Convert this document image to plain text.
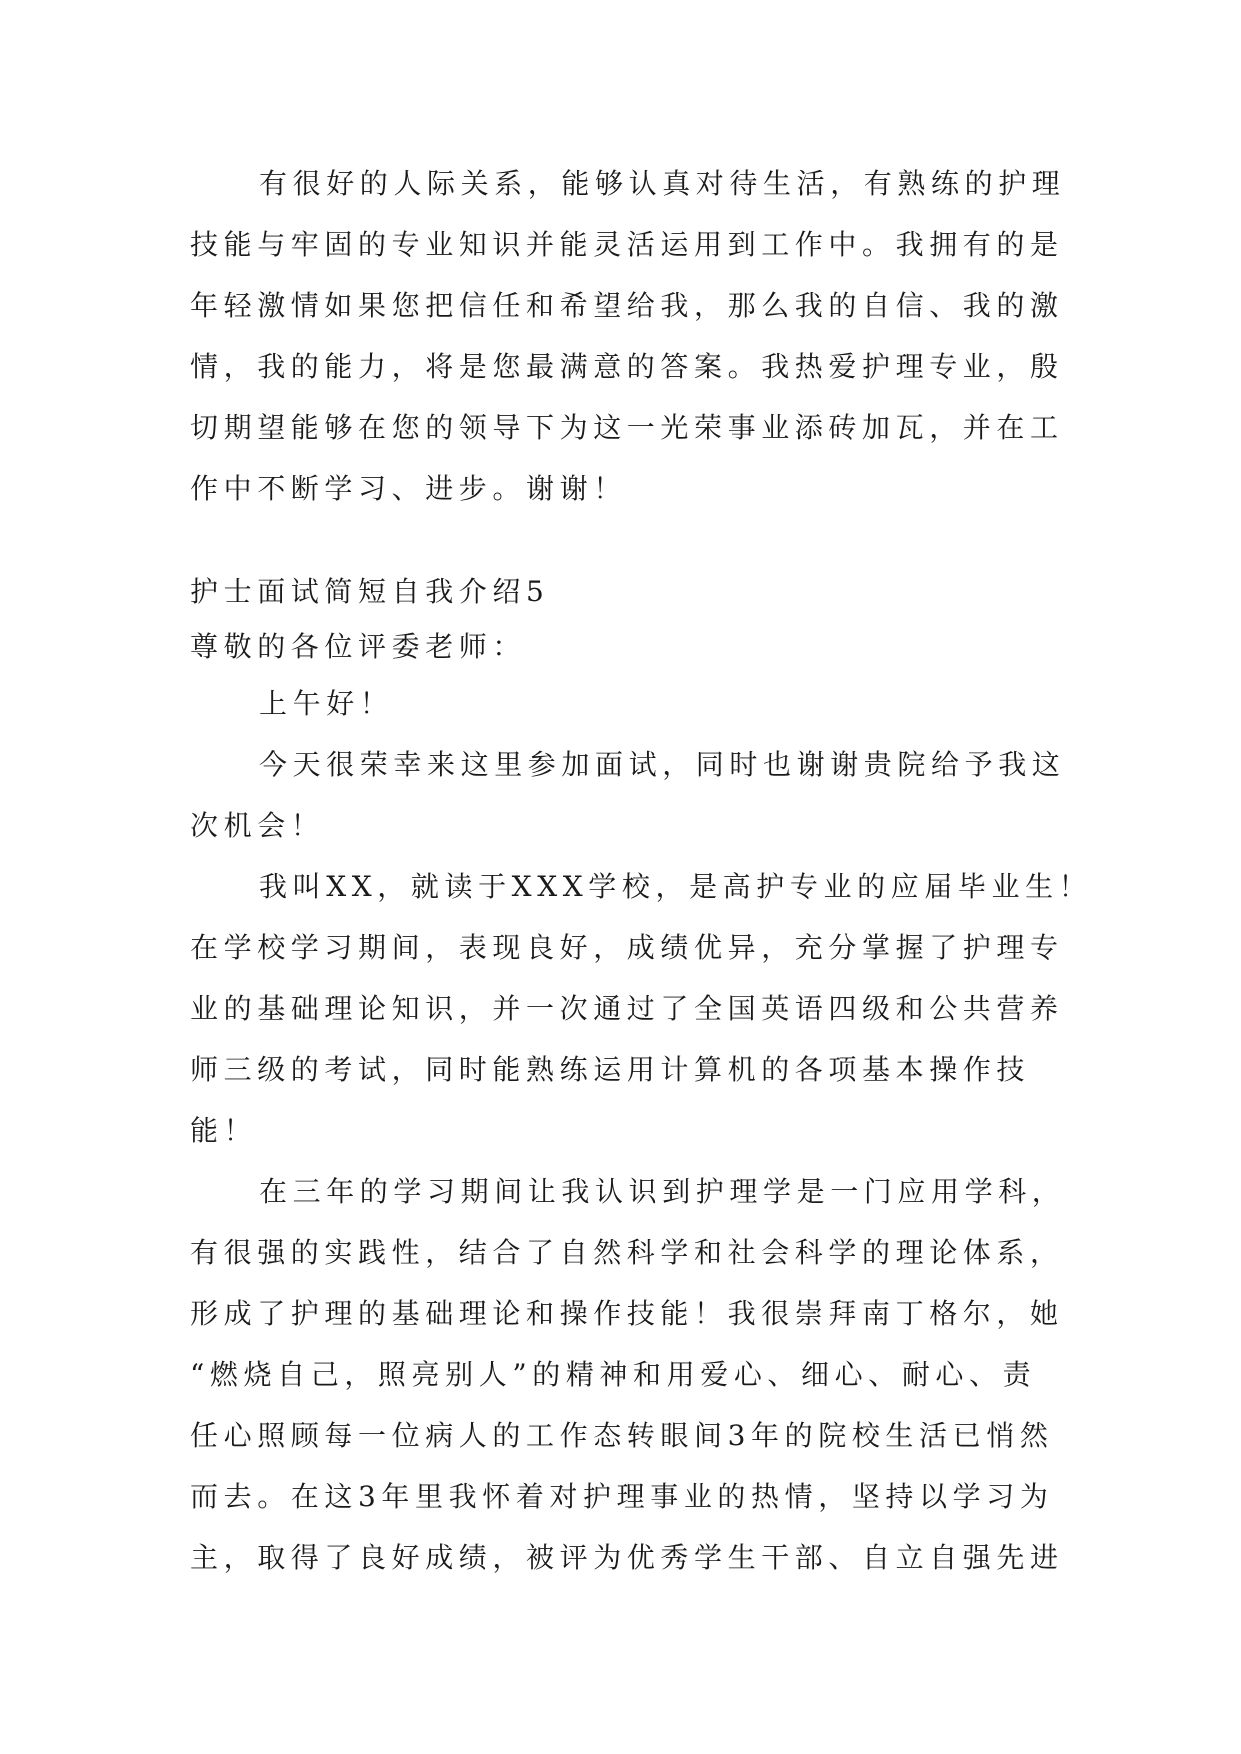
有很好的人际关系，能够认真对待生活，有熟练的护理

技能与牢固的专业知识并能灵活运用到工作中。我拥有的是

年轻激情如果您把信任和希望给我，那么我的自信、我的激

情，我的能力，将是您最满意的答案。我热爱护理专业，殷

切期望能够在您的领导下为这一光荣事业添砖加瓦，并在工

作中不断学习、进步。谢谢！

护士面试简短自我介绍5

尊敬的各位评委老师：

上午好！

今天很荣幸来这里参加面试，同时也谢谢贵院给予我这

次机会！

我叫XX，就读于XXX学校，是高护专业的应届毕业生！

在学校学习期间，表现良好，成绩优异，充分掌握了护理专

业的基础理论知识，并一次通过了全国英语四级和公共营养

师三级的考试，同时能熟练运用计算机的各项基本操作技

能！

在三年的学习期间让我认识到护理学是一门应用学科，

有很强的实践性，结合了自然科学和社会科学的理论体系，

形成了护理的基础理论和操作技能！我很崇拜南丁格尔，她

“燃烧自己，照亮别人”的精神和用爱心、细心、耐心、责

任心照顾每一位病人的工作态转眼间3年的院校生活已悄然

而去。在这3年里我怀着对护理事业的热情，坚持以学习为

主，取得了良好成绩，被评为优秀学生干部、自立自强先进
